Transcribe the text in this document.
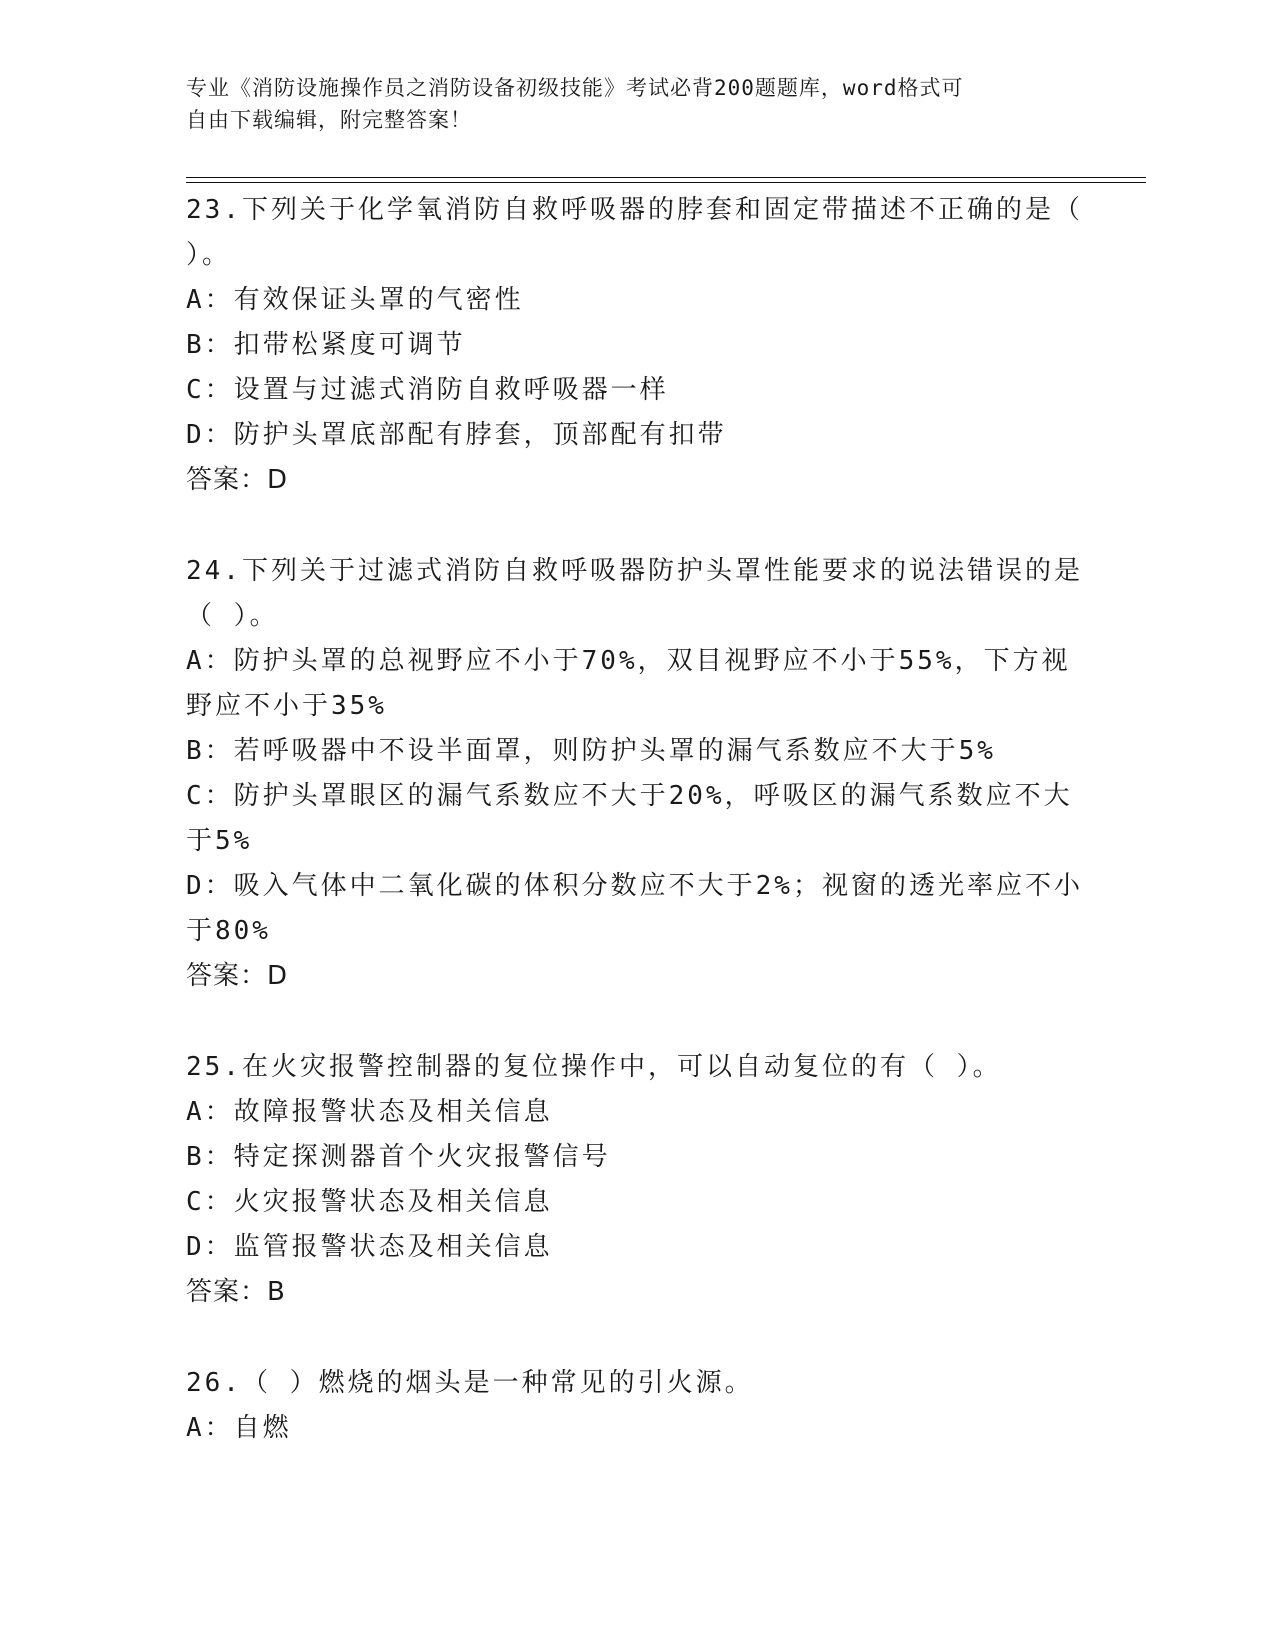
专业《消防设施操作员之消防设备初级技能》考试必背200题题库，word格式可
自由下载编辑，附完整答案！
23.下列关于化学氧消防自救呼吸器的脖套和固定带描述不正确的是（
）。
A：有效保证头罩的气密性
B：扣带松紧度可调节
C：设置与过滤式消防自救呼吸器一样
D：防护头罩底部配有脖套，顶部配有扣带
答案：D
24.下列关于过滤式消防自救呼吸器防护头罩性能要求的说法错误的是
（ ）。
A：防护头罩的总视野应不小于70%，双目视野应不小于55%，下方视
野应不小于35%
B：若呼吸器中不设半面罩，则防护头罩的漏气系数应不大于5%
C：防护头罩眼区的漏气系数应不大于20%，呼吸区的漏气系数应不大
于5%
D：吸入气体中二氧化碳的体积分数应不大于2%；视窗的透光率应不小
于80%
答案：D
25.在火灾报警控制器的复位操作中，可以自动复位的有（ ）。
A：故障报警状态及相关信息
B：特定探测器首个火灾报警信号
C：火灾报警状态及相关信息
D：监管报警状态及相关信息
答案：B
26.（ ）燃烧的烟头是一种常见的引火源。
A：自燃
